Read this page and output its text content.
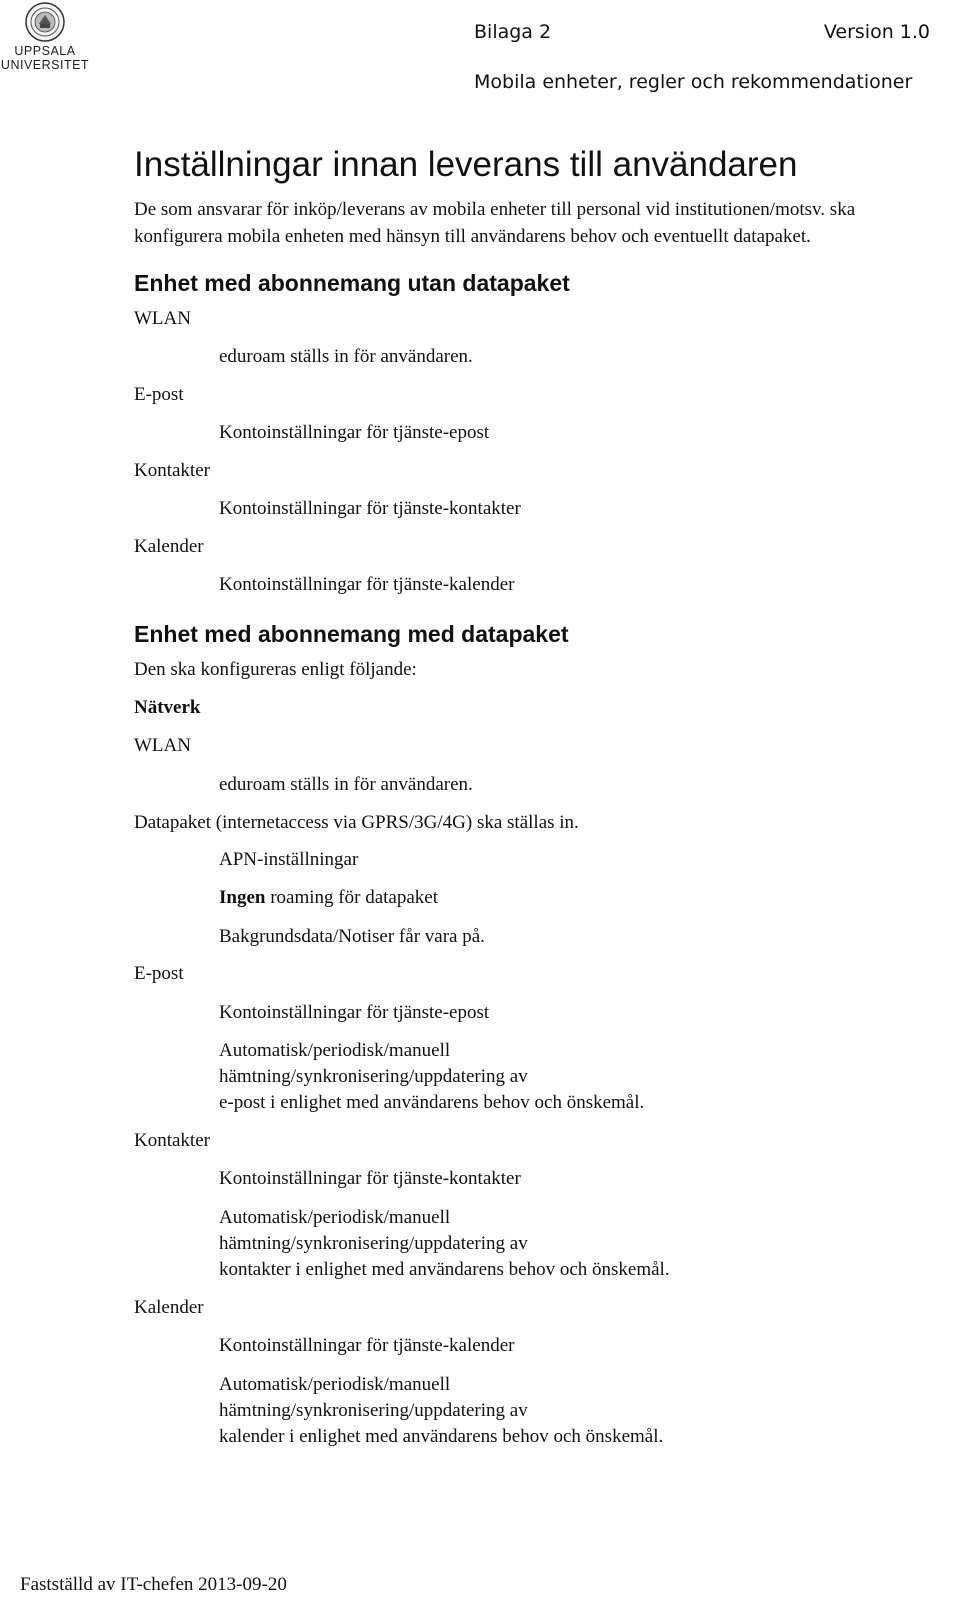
UPPSALA
UNIVERSITET
Bilaga 2	Version 1.0
Mobila enheter, regler och rekommendationer
Inställningar innan leverans till användaren
De som ansvarar för inköp/leverans av mobila enheter till personal vid institutionen/motsv. ska
konfigurera mobila enheten med hänsyn till användarens behov och eventuellt datapaket.
Enhet med abonnemang utan datapaket
WLAN
eduroam ställs in för användaren.
E-post
Kontoinställningar för tjänste-epost
Kontakter
Kontoinställningar för tjänste-kontakter
Kalender
Kontoinställningar för tjänste-kalender
Enhet med abonnemang med datapaket
Den ska konfigureras enligt följande:
Nätverk
WLAN
eduroam ställs in för användaren.
Datapaket (internetaccess via GPRS/3G/4G) ska ställas in.
APN-inställningar
Ingen roaming för datapaket
Bakgrundsdata/Notiser får vara på.
E-post
Kontoinställningar för tjänste-epost
Automatisk/periodisk/manuell
hämtning/synkronisering/uppdatering av
e-post i enlighet med användarens behov och önskemål.
Kontakter
Kontoinställningar för tjänste-kontakter
Automatisk/periodisk/manuell
hämtning/synkronisering/uppdatering av
kontakter i enlighet med användarens behov och önskemål.
Kalender
Kontoinställningar för tjänste-kalender
Automatisk/periodisk/manuell
hämtning/synkronisering/uppdatering av
kalender i enlighet med användarens behov och önskemål.
Fastställd av IT-chefen 2013-09-20
